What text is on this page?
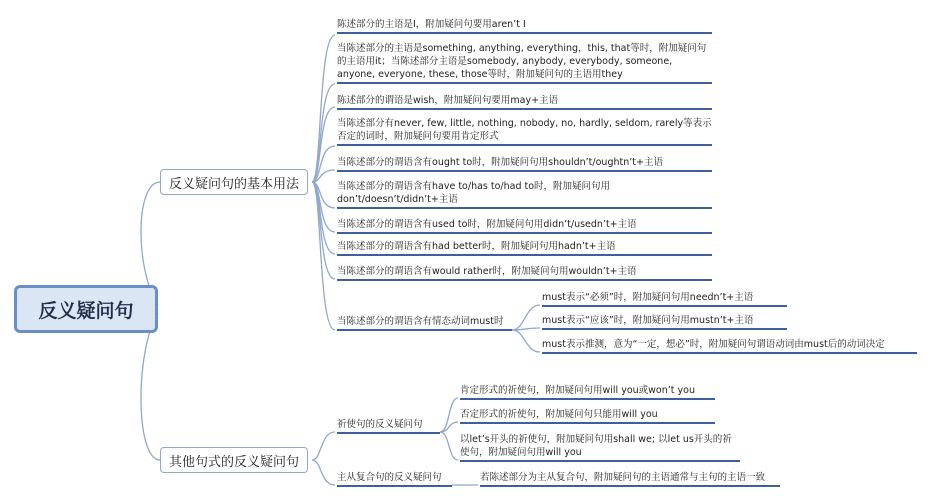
反义疑问句
反义疑问句的基本用法
其他句式的反义疑问句
陈述部分的主语是I，附加疑问句要用aren’t I
当陈述部分的主语是something, anything, everything，this, that等时，附加疑问句的主语用it；当陈述部分主语是somebody, anybody, everybody, someone, anyone, everyone, these, those等时，附加疑问句的主语用they
陈述部分的谓语是wish，附加疑问句要用may+主语
当陈述部分有never, few, little, nothing, nobody, no, hardly, seldom, rarely等表示否定的词时，附加疑问句要用肯定形式
当陈述部分的谓语含有ought to时，附加疑问句用shouldn’t/oughtn’t+主语
当陈述部分的谓语含有have to/has to/had to时，附加疑问句用don’t/doesn’t/didn’t+主语
当陈述部分的谓语含有used to时，附加疑问句用didn’t/usedn’t+主语
当陈述部分的谓语含有had better时，附加疑问句用hadn’t+主语
当陈述部分的谓语含有would rather时，附加疑问句用wouldn’t+主语
当陈述部分的谓语含有情态动词must时
must表示“必须”时，附加疑问句用needn’t+主语
must表示“应该”时，附加疑问句用mustn’t+主语
must表示推测，意为“一定，想必”时，附加疑问句谓语动词由must后的动词决定
祈使句的反义疑问句
肯定形式的祈使句，附加疑问句用will you或won’t you
否定形式的祈使句，附加疑问句只能用will you
以let’s开头的祈使句，附加疑问句用shall we; 以let us开头的祈使句，附加疑问句用will you
主从复合句的反义疑问句	若陈述部分为主从复合句，附加疑问句的主语通常与主句的主语一致
